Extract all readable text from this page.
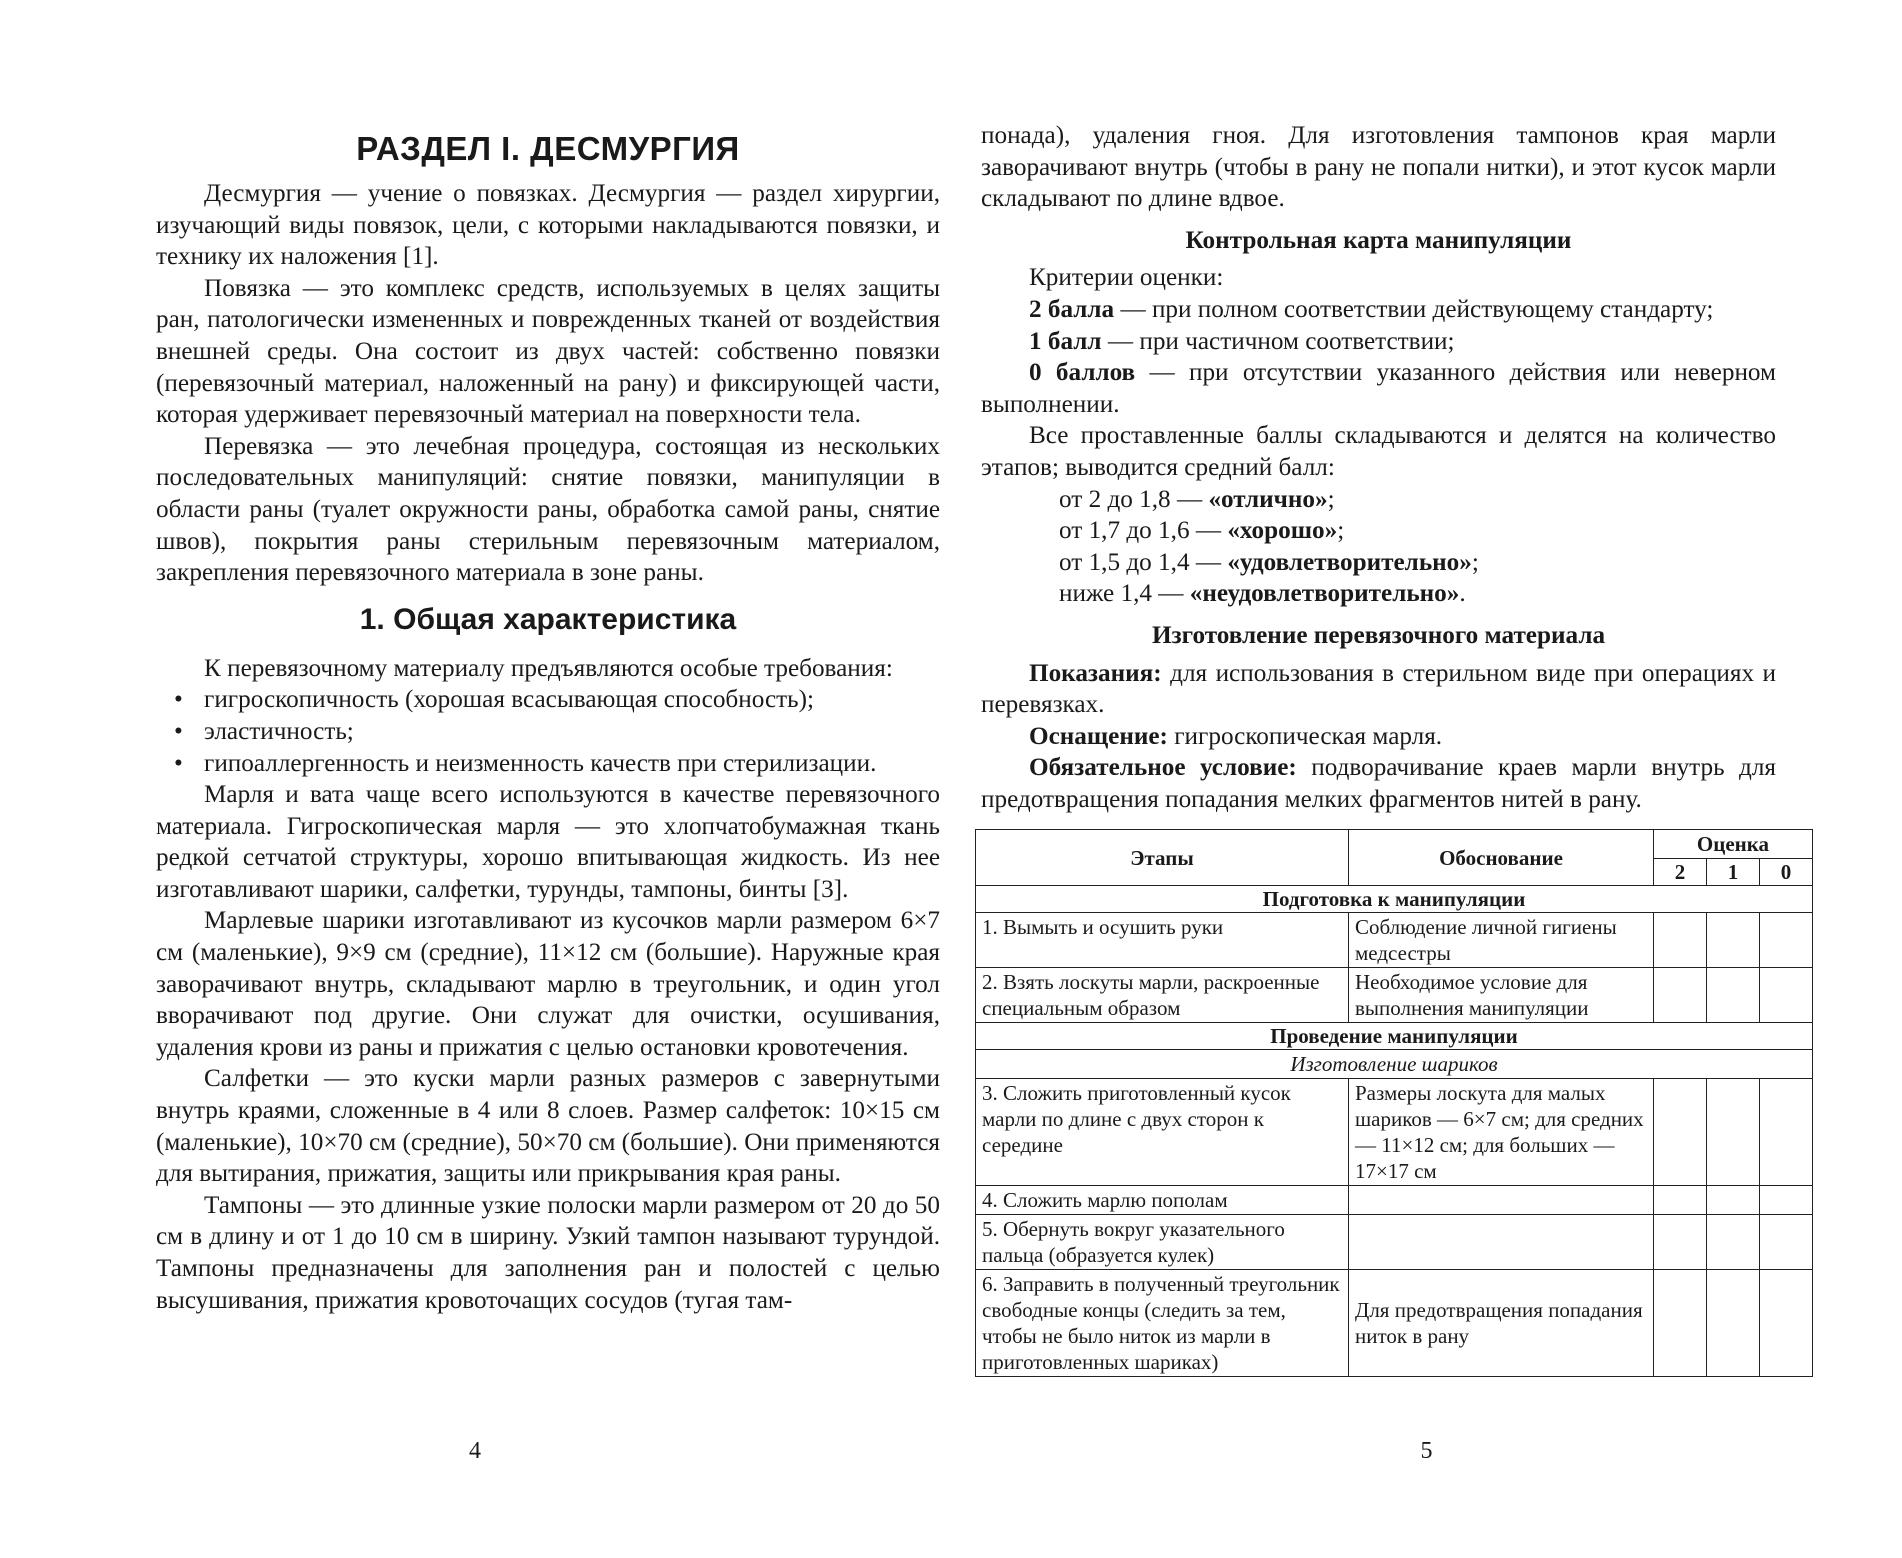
РАЗДЕЛ I. ДЕСМУРГИЯ

Десмургия — учение о повязках. Десмургия — раздел хирургии, изучающий виды повязок, цели, с которыми накладываются повязки, и технику их наложения [1].

Повязка — это комплекс средств, используемых в целях защиты ран, патологически измененных и поврежденных тканей от воздействия внешней среды. Она состоит из двух частей: собственно повязки (перевязочный материал, наложенный на рану) и фиксирующей части, которая удерживает перевязочный материал на поверхности тела.

Перевязка — это лечебная процедура, состоящая из нескольких последовательных манипуляций: снятие повязки, манипуляции в области раны (туалет окружности раны, обработка самой раны, снятие швов), покрытия раны стерильным перевязочным материалом, закрепления перевязочного материала в зоне раны.

1. Общая характеристика

К перевязочному материалу предъявляются особые требования:

• гигроскопичность (хорошая всасывающая способность);
• эластичность;
• гипоаллергенность и неизменность качеств при стерилизации.

Марля и вата чаще всего используются в качестве перевязочного материала. Гигроскопическая марля — это хлопчатобумажная ткань редкой сетчатой структуры, хорошо впитывающая жидкость. Из нее изготавливают шарики, салфетки, турунды, тампоны, бинты [3].

Марлевые шарики изготавливают из кусочков марли размером 6×7 см (маленькие), 9×9 см (средние), 11×12 см (большие). Наружные края заворачивают внутрь, складывают марлю в треугольник, и один угол вворачивают под другие. Они служат для очистки, осушивания, удаления крови из раны и прижатия с целью остановки кровотечения.

Салфетки — это куски марли разных размеров с завернутыми внутрь краями, сложенные в 4 или 8 слоев. Размер салфеток: 10×15 см (маленькие), 10×70 см (средние), 50×70 см (большие). Они применяются для вытирания, прижатия, защиты или прикрывания края раны.

Тампоны — это длинные узкие полоски марли размером от 20 до 50 см в длину и от 1 до 10 см в ширину. Узкий тампон называют турундой. Тампоны предназначены для заполнения ран и полостей с целью высушивания, прижатия кровоточащих сосудов (тугая там-

4

понада), удаления гноя. Для изготовления тампонов края марли заворачивают внутрь (чтобы в рану не попали нитки), и этот кусок марли складывают по длине вдвое.

Контрольная карта манипуляции
Критерии оценки:
2 балла — при полном соответствии действующему стандарту;
1 балл — при частичном соответствии;
0 баллов — при отсутствии указанного действия или неверном выполнении.

Все проставленные баллы складываются и делятся на количество этапов; выводится средний балл:

от 2 до 1,8 — «отлично»;
от 1,7 до 1,6 — «хорошо»;
от 1,5 до 1,4 — «удовлетворительно»;
ниже 1,4 — «неудовлетворительно».
Изготовление перевязочного материала

Показания: для использования в стерильном виде при операциях и перевязках.

Оснащение: гигроскопическая марля.

Обязательное условие: подворачивание краев марли внутрь для предотвращения попадания мелких фрагментов нитей в рану.

Этапы	Обоснование	Оценка		
		2	1	0
Подготовка к манипуляции				
1. Вымыть и осушить руки	Соблюдение личной гигиены медсестры			
2. Взять лоскуты марли, раскроенные специальным образом	Необходимое условие для выполнения манипуляции			
Проведение манипуляции				
Изготовление шариков				
3. Сложить приготовленный кусок марли по длине с двух сторон к середине	Размеры лоскута для малых шариков — 6×7 см; для средних — 11×12 см; для больших — 17×17 см			
4. Сложить марлю пополам				
5. Обернуть вокруг указательного пальца (образуется кулек)				
6. Заправить в полученный треугольник свободные концы (следить за тем, чтобы не было ниток из марли в приготовленных шариках)	Для предотвращения попадания ниток в рану			
5
